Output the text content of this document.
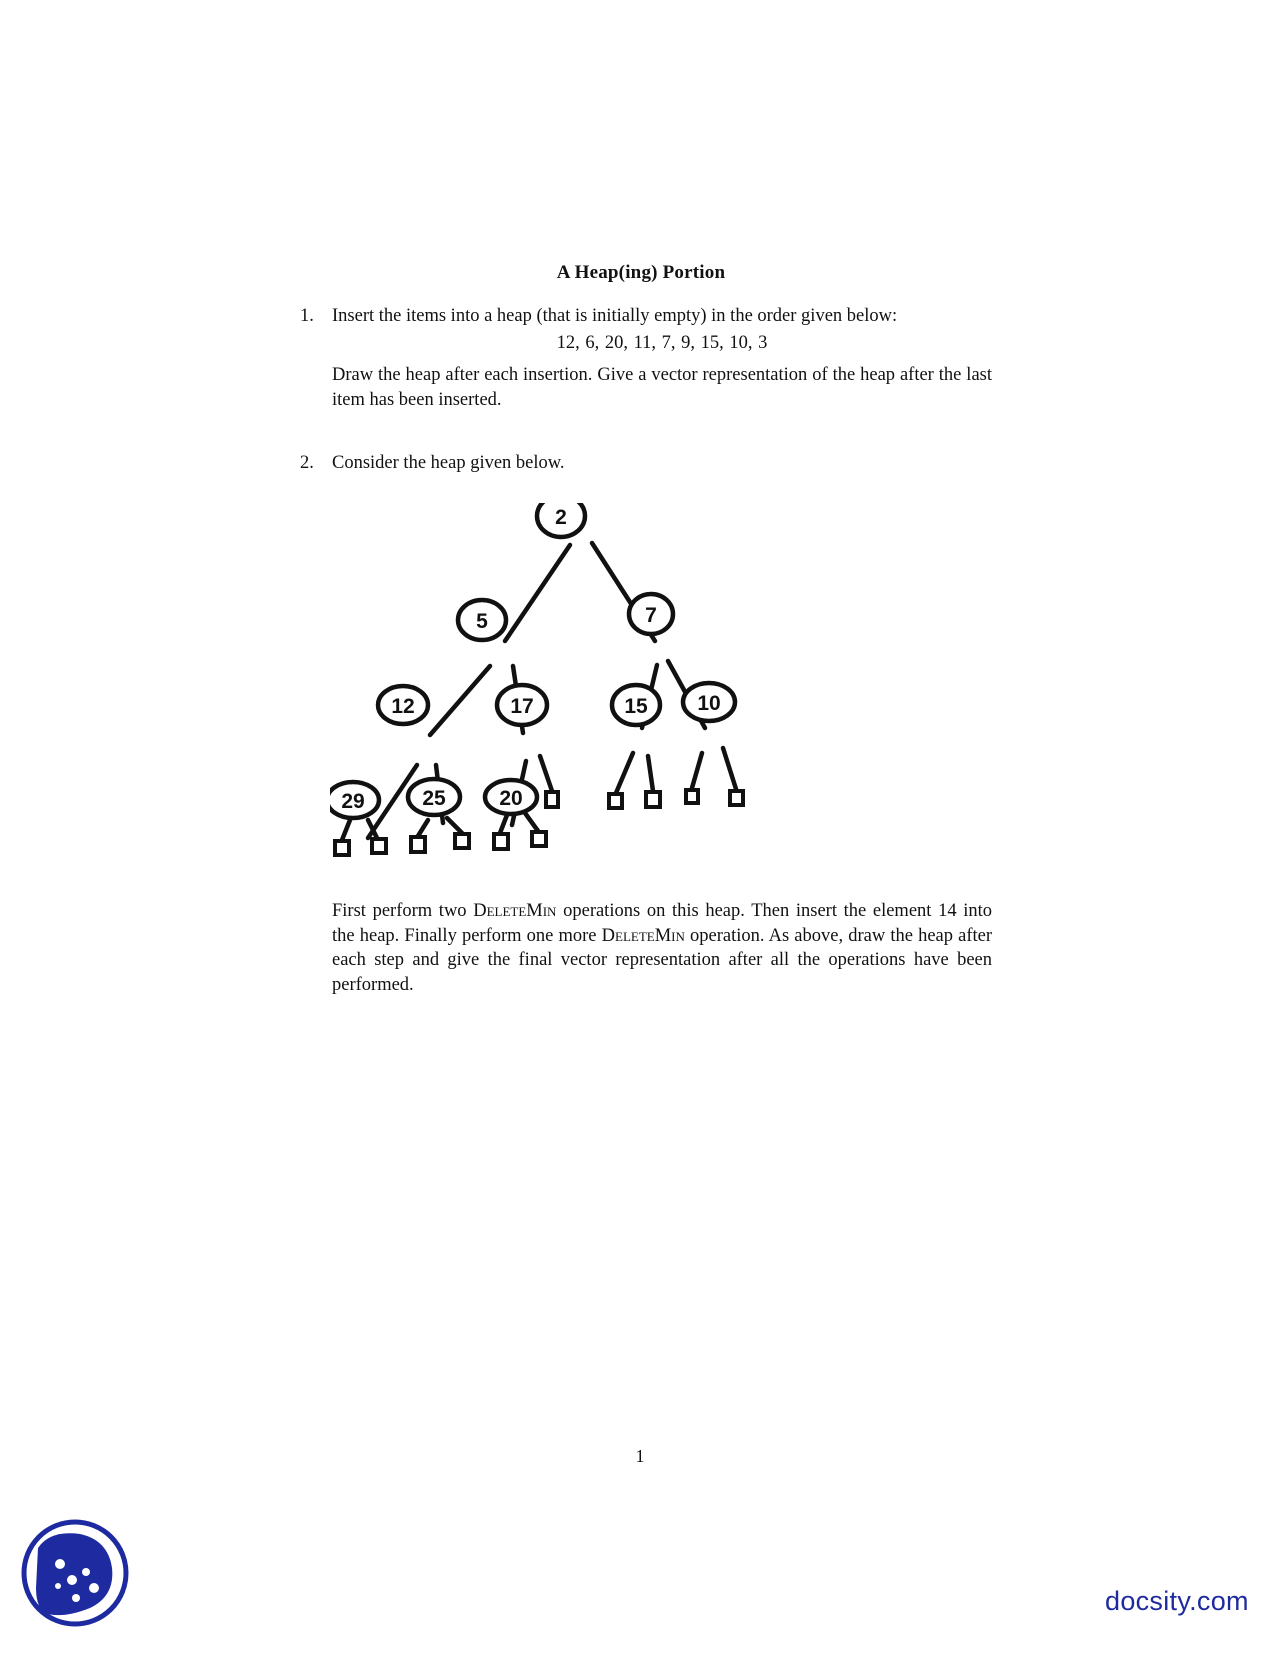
A Heap(ing) Portion
1. Insert the items into a heap (that is initially empty) in the order given below:
12, 6, 20, 11, 7, 9, 15, 10, 3
Draw the heap after each insertion. Give a vector representation of the heap after the last item has been inserted.
2. Consider the heap given below.
2
5	7
12	17	15 10
29	25	20
First perform two DeleteMin operations on this heap. Then insert the element 14 into the heap. Finally perform one more DeleteMin operation. As above, draw the heap after each step and give the final vector representation after all the operations have been performed.
1
docsity.com
